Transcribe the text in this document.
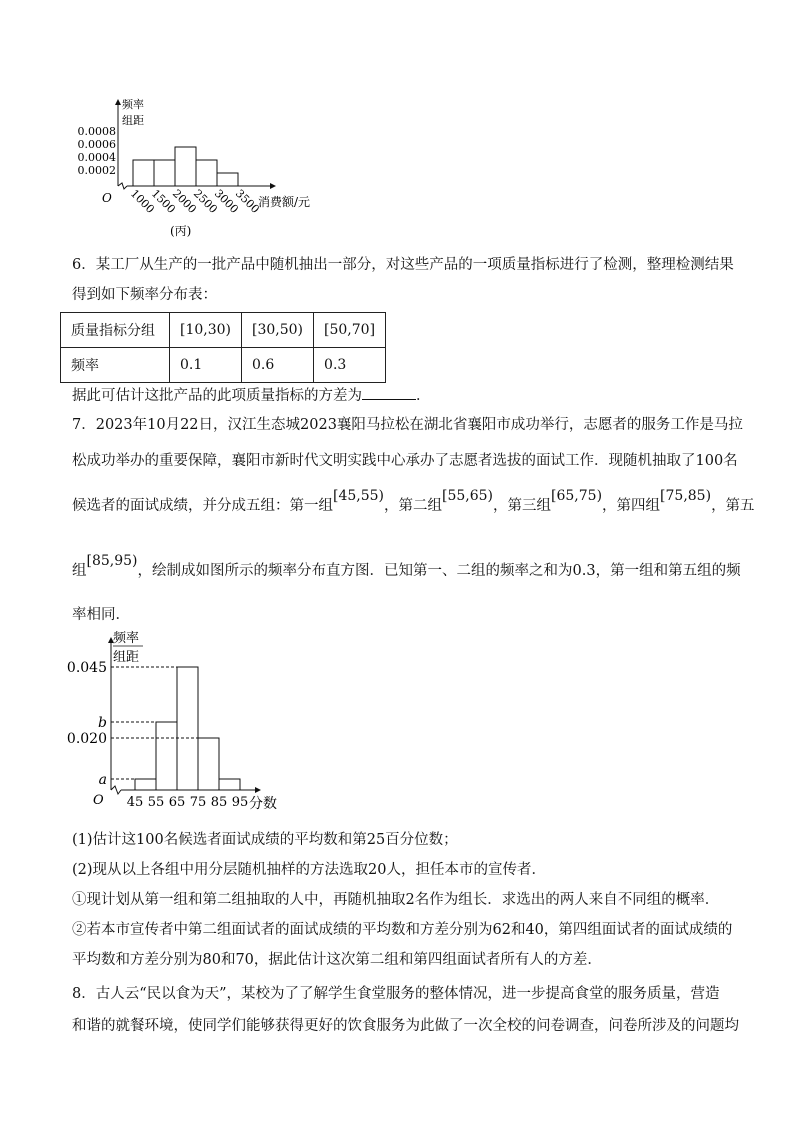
频率
组距
0.0008
0.0006
0.0004
0.0002
O 1000
1500
2000
2500
3000
3500
消费额/元
(丙)
6．某工厂从生产的一批产品中随机抽出一部分，对这些产品的一项质量指标进行了检测，整理检测结果
得到如下频率分布表：
质量指标分组	[10,30)	[30,50)	[50,70]
频率	0.1	0.6	0.3
据此可估计这批产品的此项质量指标的方差为	．
7．2023年10月22日，汉江生态城2023襄阳马拉松在湖北省襄阳市成功举行，志愿者的服务工作是马拉
松成功举办的重要保障，襄阳市新时代文明实践中心承办了志愿者选拔的面试工作．现随机抽取了100名
候选者的面试成绩，并分成五组：第一组[45,55)，第二组[55,65)，第三组[65,75)，第四组[75,85)，第五
组[85,95)，绘制成如图所示的频率分布直方图．已知第一、二组的频率之和为0.3，第一组和第五组的频
率相同．
频率
组距
0.045
b
0.020
a
O 45 55 65 75 85 95 分数
(1)估计这100名候选者面试成绩的平均数和第25百分位数；
(2)现从以上各组中用分层随机抽样的方法选取20人，担任本市的宣传者．
①现计划从第一组和第二组抽取的人中，再随机抽取2名作为组长．求选出的两人来自不同组的概率．
②若本市宣传者中第二组面试者的面试成绩的平均数和方差分别为62和40，第四组面试者的面试成绩的
平均数和方差分别为80和70，据此估计这次第二组和第四组面试者所有人的方差．
8．古人云“民以食为天”，某校为了了解学生食堂服务的整体情况，进一步提高食堂的服务质量，营造
和谐的就餐环境，使同学们能够获得更好的饮食服务为此做了一次全校的问卷调查，问卷所涉及的问题均
